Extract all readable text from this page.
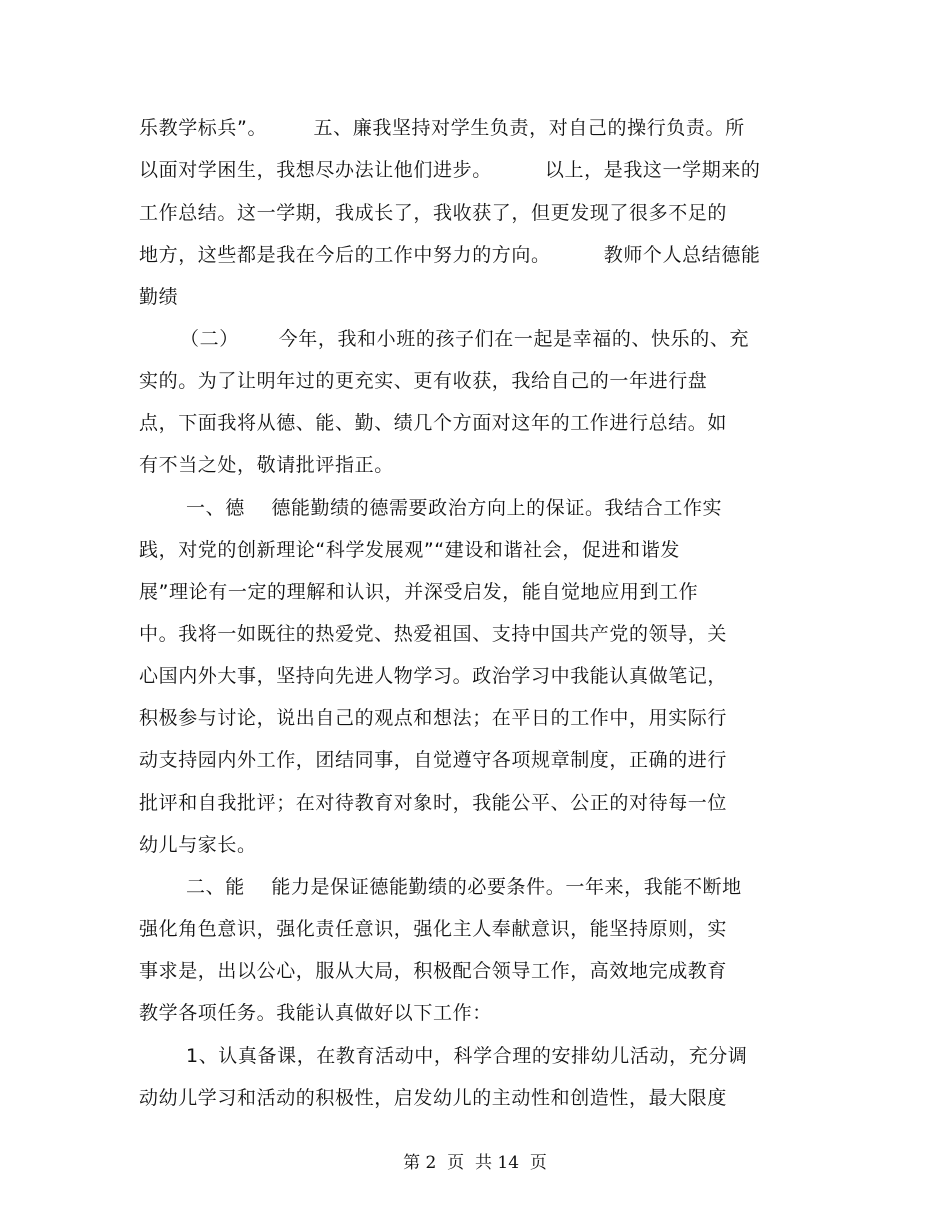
乐教学标兵”。       五、廉我坚持对学生负责，对自己的操行负责。所
以面对学困生，我想尽办法让他们进步。        以上，是我这一学期来的
工作总结。这一学期，我成长了，我收获了，但更发现了很多不足的
地方，这些都是我在今后的工作中努力的方向。        教师个人总结德能
勤绩
（二）      今年，我和小班的孩子们在一起是幸福的、快乐的、充
实的。为了让明年过的更充实、更有收获，我给自己的一年进行盘
点，下面我将从德、能、勤、绩几个方面对这年的工作进行总结。如
有不当之处，敬请批评指正。
一、德    德能勤绩的德需要政治方向上的保证。我结合工作实
践，对党的创新理论“科学发展观”“建设和谐社会，促进和谐发
展”理论有一定的理解和认识，并深受启发，能自觉地应用到工作
中。我将一如既往的热爱党、热爱祖国、支持中国共产党的领导，关
心国内外大事，坚持向先进人物学习。政治学习中我能认真做笔记，
积极参与讨论，说出自己的观点和想法；在平日的工作中，用实际行
动支持园内外工作，团结同事，自觉遵守各项规章制度，正确的进行
批评和自我批评；在对待教育对象时，我能公平、公正的对待每一位
幼儿与家长。
二、能    能力是保证德能勤绩的必要条件。一年来，我能不断地
强化角色意识，强化责任意识，强化主人奉献意识，能坚持原则，实
事求是，出以公心，服从大局，积极配合领导工作，高效地完成教育
教学各项任务。我能认真做好以下工作：
1、认真备课，在教育活动中，科学合理的安排幼儿活动，充分调
动幼儿学习和活动的积极性，启发幼儿的主动性和创造性，最大限度
第 2  页  共 14  页
